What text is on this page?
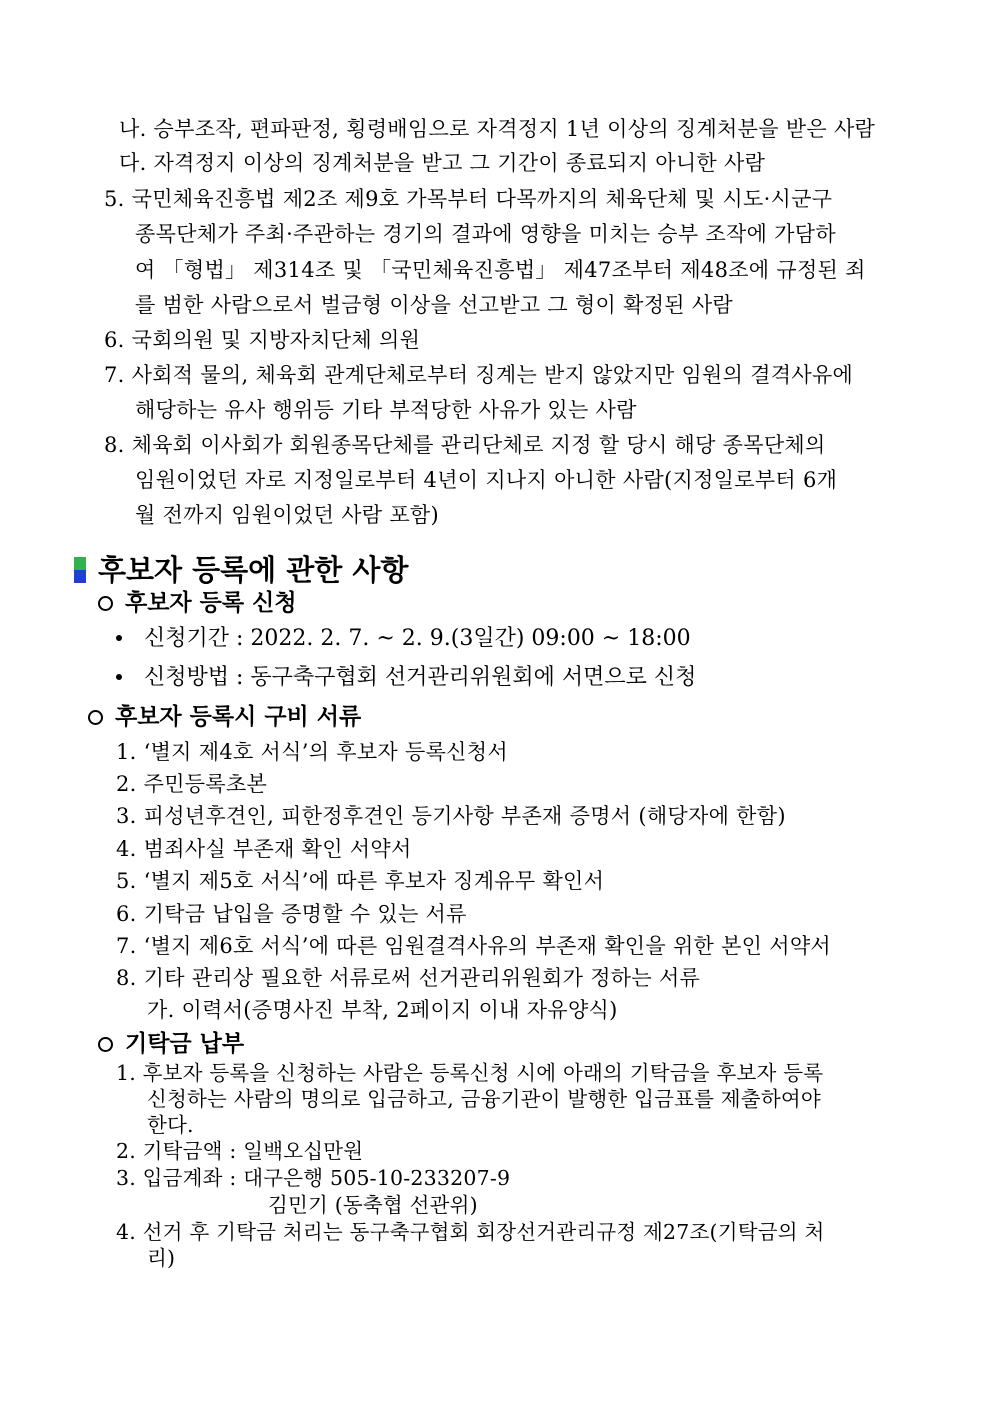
나. 승부조작, 편파판정, 횡령배임으로 자격정지 1년 이상의 징계처분을 받은 사람
다. 자격정지 이상의 징계처분을 받고 그 기간이 종료되지 아니한 사람
5. 국민체육진흥법 제2조 제9호 가목부터 다목까지의 체육단체 및 시도·시군구
종목단체가 주최·주관하는 경기의 결과에 영향을 미치는 승부 조작에 가담하
여 「형법」 제314조 및 「국민체육진흥법」 제47조부터 제48조에 규정된 죄
를 범한 사람으로서 벌금형 이상을 선고받고 그 형이 확정된 사람
6. 국회의원 및 지방자치단체 의원
7. 사회적 물의, 체육회 관계단체로부터 징계는 받지 않았지만 임원의 결격사유에
해당하는 유사 행위등 기타 부적당한 사유가 있는 사람
8. 체육회 이사회가 회원종목단체를 관리단체로 지정 할 당시 해당 종목단체의
임원이었던 자로 지정일로부터 4년이 지나지 아니한 사람(지정일로부터 6개
월 전까지 임원이었던 사람 포함)
후보자 등록에 관한 사항
후보자 등록 신청
신청기간 : 2022. 2. 7. ~ 2. 9.(3일간) 09:00 ~ 18:00
신청방법 : 동구축구협회 선거관리위원회에 서면으로 신청
후보자 등록시 구비 서류
1. ‘별지 제4호 서식’의 후보자 등록신청서
2. 주민등록초본
3. 피성년후견인, 피한정후견인 등기사항 부존재 증명서 (해당자에 한함)
4. 범죄사실 부존재 확인 서약서
5. ‘별지 제5호 서식’에 따른 후보자 징계유무 확인서
6. 기탁금 납입을 증명할 수 있는 서류
7. ‘별지 제6호 서식’에 따른 임원결격사유의 부존재 확인을 위한 본인 서약서
8. 기타 관리상 필요한 서류로써 선거관리위원회가 정하는 서류
가. 이력서(증명사진 부착, 2페이지 이내 자유양식)
기탁금 납부
1. 후보자 등록을 신청하는 사람은 등록신청 시에 아래의 기탁금을 후보자 등록
신청하는 사람의 명의로 입금하고, 금융기관이 발행한 입금표를 제출하여야
한다.
2. 기탁금액 : 일백오십만원
3. 입금계좌 : 대구은행 505-10-233207-9
김민기 (동축협 선관위)
4. 선거 후 기탁금 처리는 동구축구협회 회장선거관리규정 제27조(기탁금의 처
리)
